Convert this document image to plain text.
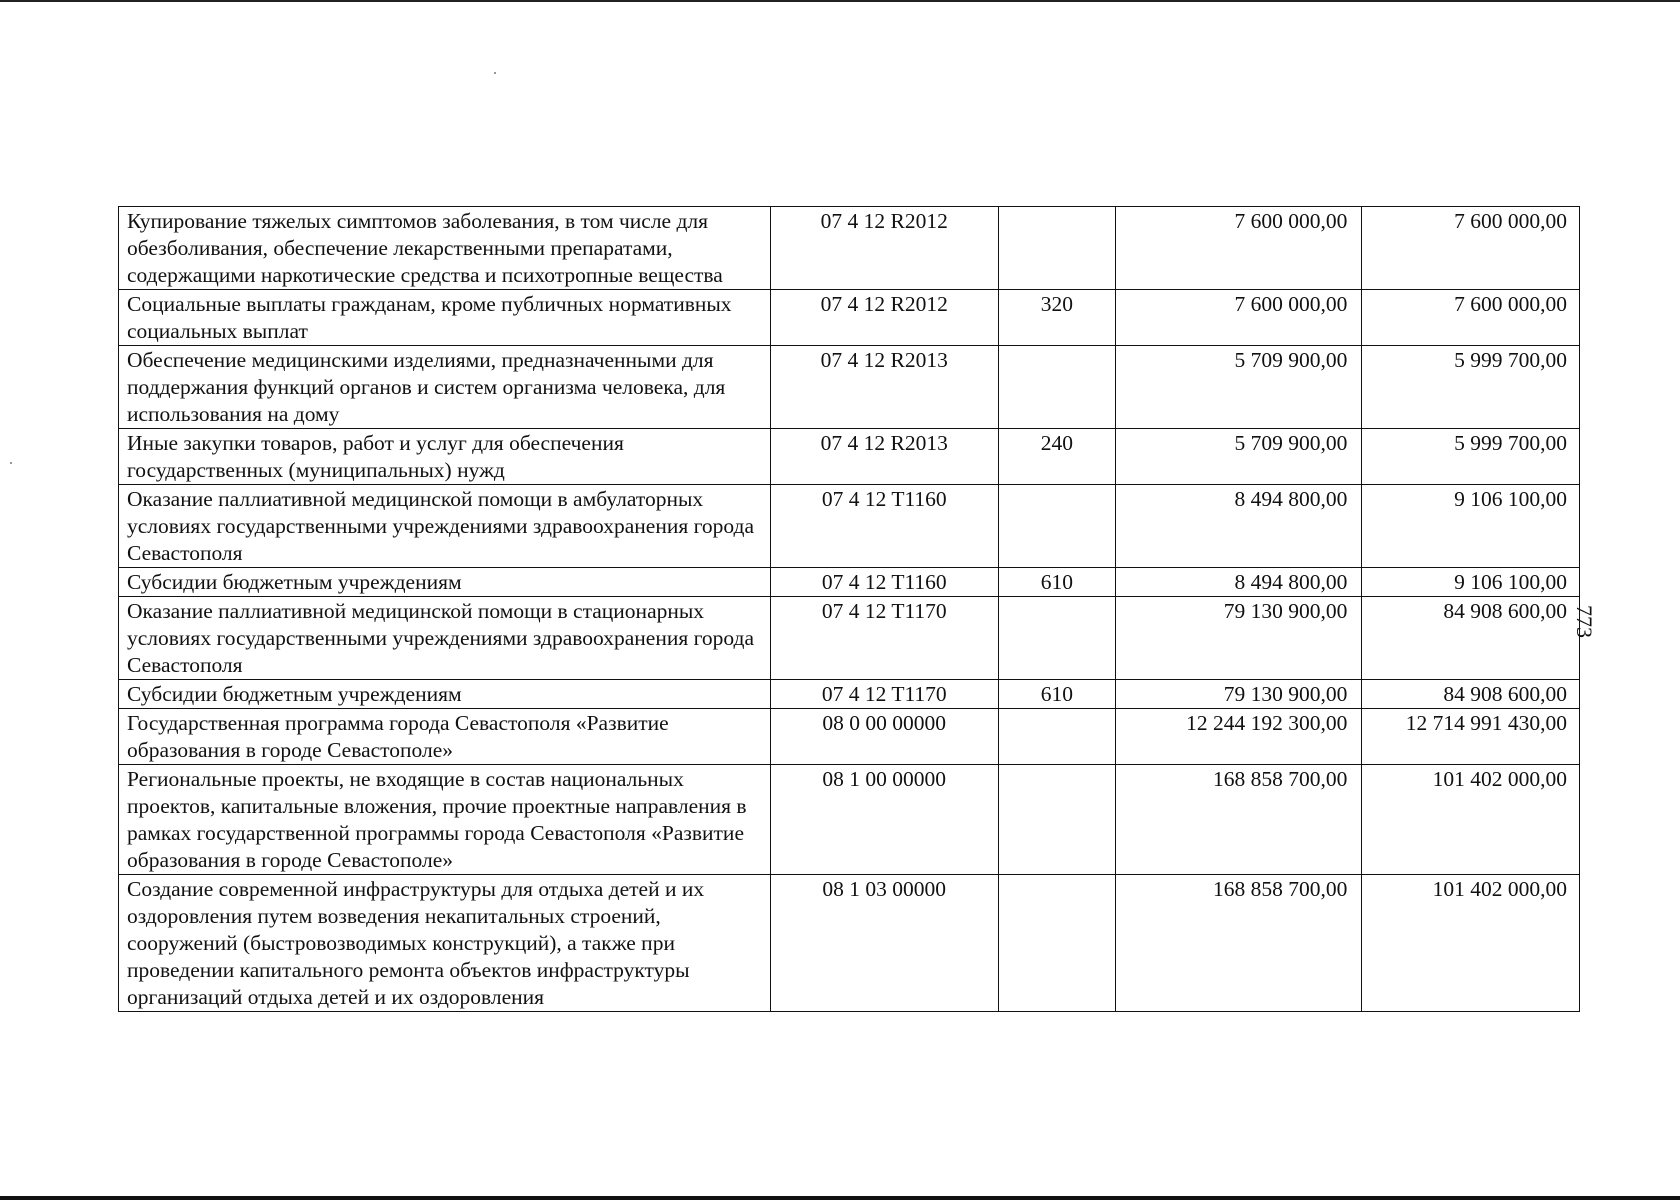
773
Купирование тяжелых симптомов заболевания, в том числе для обезболивания, обеспечение лекарственными препаратами, содержащими наркотические средства и психотропные вещества	07 4 12 R2012		7 600 000,00	7 600 000,00
Социальные выплаты гражданам, кроме публичных нормативных социальных выплат	07 4 12 R2012	320	7 600 000,00	7 600 000,00
Обеспечение медицинскими изделиями, предназначенными для поддержания функций органов и систем организма человека, для использования на дому	07 4 12 R2013		5 709 900,00	5 999 700,00
Иные закупки товаров, работ и услуг для обеспечения государственных (муниципальных) нужд	07 4 12 R2013	240	5 709 900,00	5 999 700,00
Оказание паллиативной медицинской помощи в амбулаторных условиях государственными учреждениями здравоохранения города Севастополя	07 4 12 T1160		8 494 800,00	9 106 100,00
Субсидии бюджетным учреждениям	07 4 12 T1160	610	8 494 800,00	9 106 100,00
Оказание паллиативной медицинской помощи в стационарных условиях государственными учреждениями здравоохранения города Севастополя	07 4 12 T1170		79 130 900,00	84 908 600,00
Субсидии бюджетным учреждениям	07 4 12 T1170	610	79 130 900,00	84 908 600,00
Государственная программа города Севастополя «Развитие образования в городе Севастополе»	08 0 00 00000		12 244 192 300,00	12 714 991 430,00
Региональные проекты, не входящие в состав национальных проектов, капитальные вложения, прочие проектные направления в рамках государственной программы города Севастополя «Развитие образования в городе Севастополе»	08 1 00 00000		168 858 700,00	101 402 000,00
Создание современной инфраструктуры для отдыха детей и их оздоровления путем возведения некапитальных строений, сооружений (быстровозводимых конструкций), а также при проведении капитального ремонта объектов инфраструктуры организаций отдыха детей и их оздоровления	08 1 03 00000		168 858 700,00	101 402 000,00
